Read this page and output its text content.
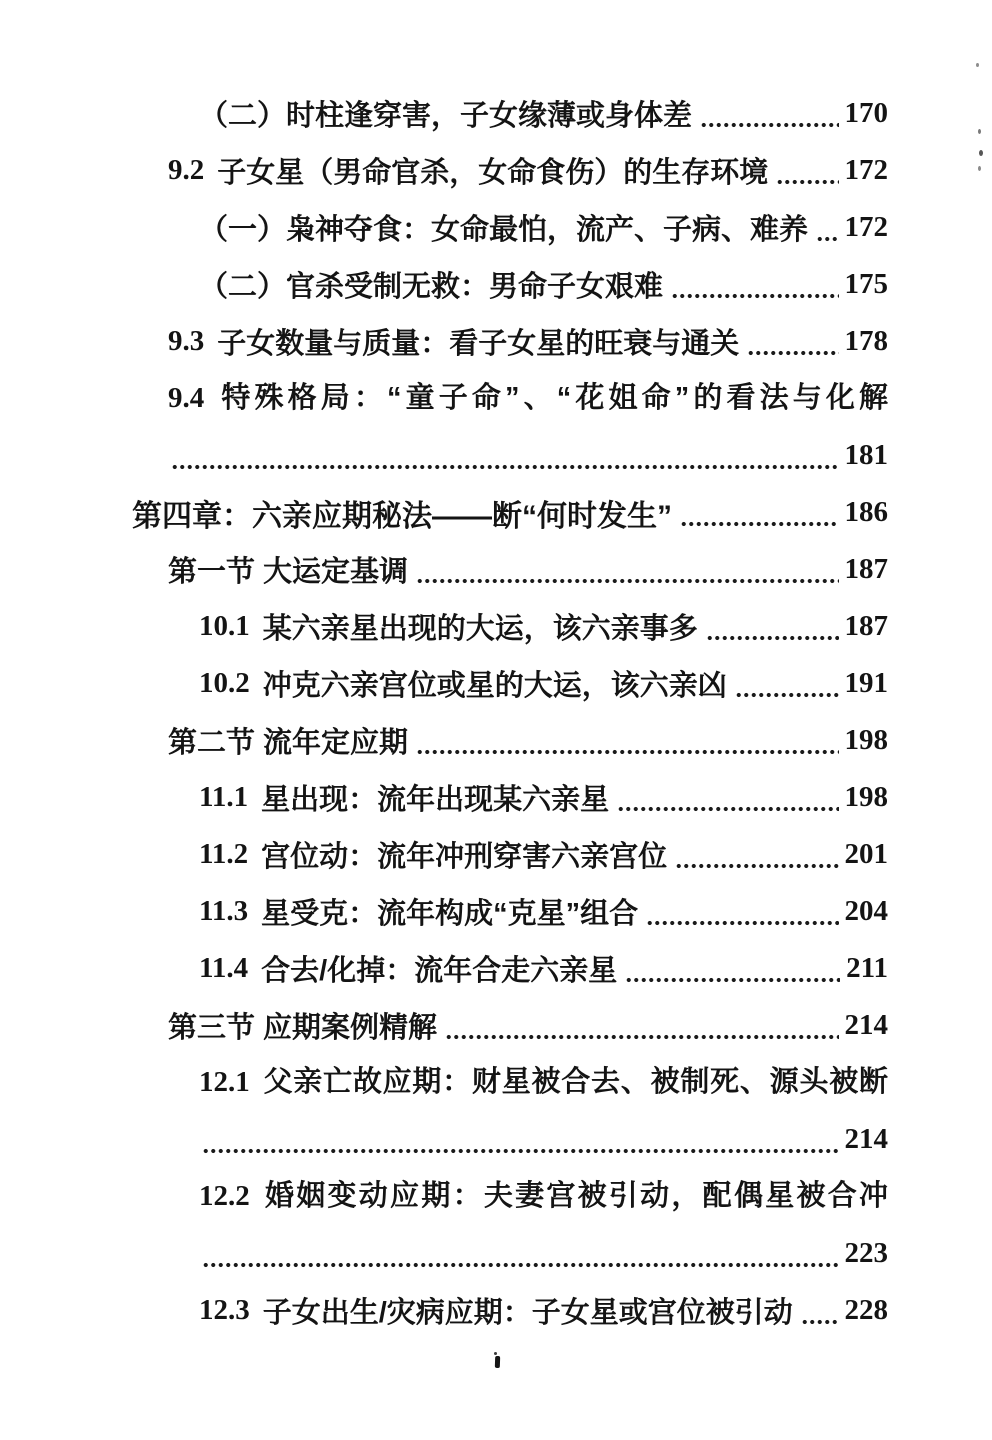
（二）时柱逢穿害，子女缘薄或身体差	170
9.2 子女星（男命官杀，女命食伤）的生存环境	172
（一）枭神夺食：女命最怕，流产、子病、难养 172
（二）官杀受制无救：男命子女艰难	175
9.3 子女数量与质量：看子女星的旺衰与通关	178
9.4 特殊格局：“童子命”、“花姐命”的看法与化解
181
第四章：六亲应期秘法——断“何时发生”	186
第一节 大运定基调	187
10.1 某六亲星出现的大运，该六亲事多	187
10.2 冲克六亲宫位或星的大运，该六亲凶	191
第二节 流年定应期	198
11.1 星出现：流年出现某六亲星	198
11.2 宫位动：流年冲刑穿害六亲宫位	201
11.3 星受克：流年构成“克星”组合	204
11.4 合去/化掉：流年合走六亲星	211
第三节 应期案例精解	214
12.1 父亲亡故应期：财星被合去、被制死、源头被断
214
12.2 婚姻变动应期：夫妻宫被引动，配偶星被合冲
223
12.3 子女出生/灾病应期：子女星或宫位被引动 228
